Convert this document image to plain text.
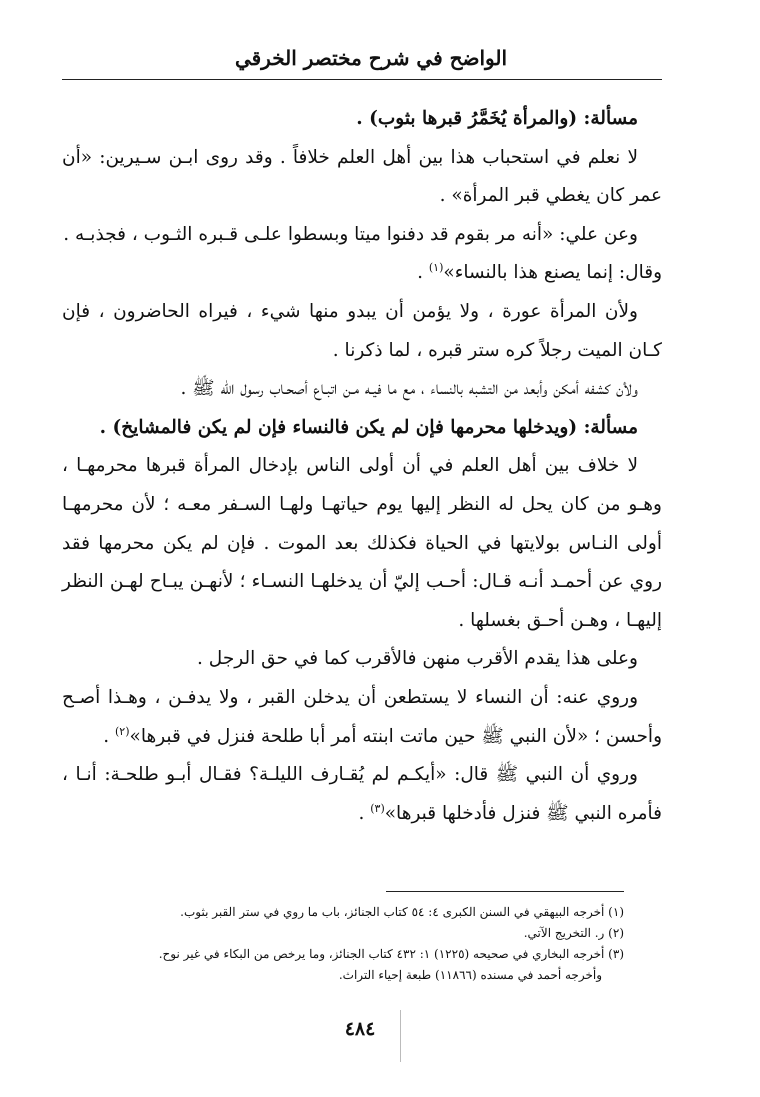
الواضح في شرح مختصر الخرقي

مسألة: (والمرأة يُخَمَّرُ قبرها بثوب) .

لا نعلم في استحباب هذا بين أهل العلم خلافاً . وقد روى ابـن سـيرين: «أن عمر كان يغطي قبر المرأة» .

وعن علي: «أنه مر بقوم قد دفنوا ميتا وبسطوا علـى قـبره الثـوب ، فجذبـه .
وقال: إنما يصنع هذا بالنساء»$^{(١)}$ .

ولأن المرأة عورة ، ولا يؤمن أن يبدو منها شيء ، فيراه الحاضرون ، فإن كـان الميت رجلاً كره ستر قبره ، لما ذكرنا .

ولأن كشفه أمكن وأبعد من التشبه بالنساء ، مع ما فيـه مـن اتبـاع أصحـاب رسول الله ﷺ .

مسألة: (ويدخلها محرمها فإن لم يكن فالنساء فإن لم يكن فالمشايخ) .

لا خلاف بين أهل العلم في أن أولى الناس بإدخال المرأة قبرها محرمهـا ، وهـو من كان يحل له النظر إليها يوم حياتهـا ولهـا السـفر معـه ؛ لأن محرمهـا أولى النـاس بولايتها في الحياة فكذلك بعد الموت . فإن لم يكن محرمها فقد روي عن أحمـد أنـه قـال: أحـب إليّ أن يدخلهـا النسـاء ؛ لأنهـن يبـاح لهـن النظر إليهـا ، وهـن أحـق بغسلها .

وعلى هذا يقدم الأقرب منهن فالأقرب كما في حق الرجل .

وروي عنه: أن النساء لا يستطعن أن يدخلن القبر ، ولا يدفـن ، وهـذا أصـح وأحسن ؛ «لأن النبي ﷺ حين ماتت ابنته أمر أبا طلحة فنزل في قبرها»$^{(٢)}$ .

وروي أن النبي ﷺ قال: «أيكـم لم يُقـارف الليلـة؟ فقـال أبـو طلحـة: أنـا ، فأمره النبي ﷺ فنزل فأدخلها قبرها»$^{(٣)}$ .

(١) أخرجه البيهقي في السنن الكبرى ٤: ٥٤ كتاب الجنائز، باب ما روي في ستر القبر بثوب.

(٢) ر. التخريج الآتي.

(٣) أخرجه البخاري في صحيحه (١٢٢٥) ١: ٤٣٢ كتاب الجنائز، وما يرخص من البكاء في غير نوح.

وأخرجه أحمد في مسنده (١١٨٦٦) طبعة إحياء التراث.

٤٨٤
